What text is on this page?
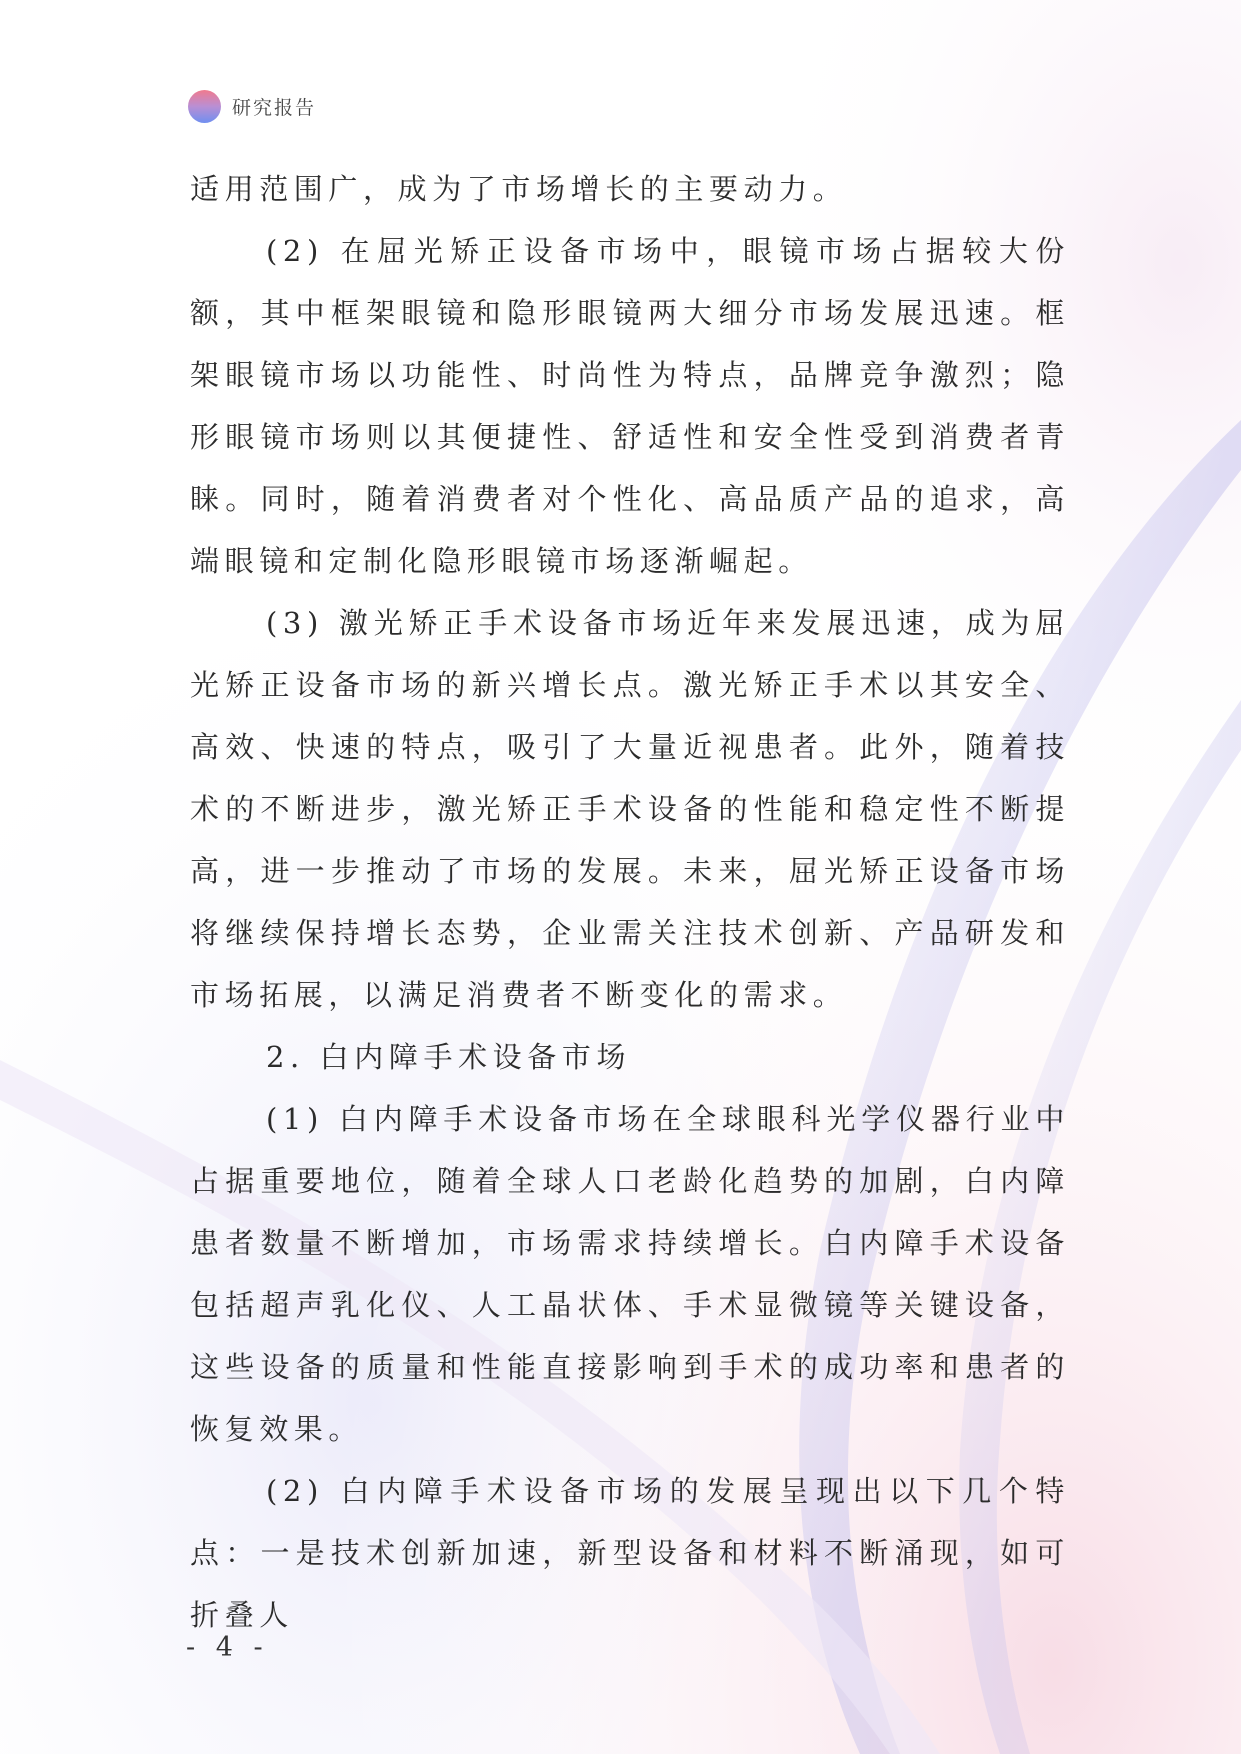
研究报告

适用范围广，成为了市场增长的主要动力。

(2) 在屈光矫正设备市场中，眼镜市场占据较大份额，其中框架眼镜和隐形眼镜两大细分市场发展迅速。框架眼镜市场以功能性、时尚性为特点，品牌竞争激烈；隐形眼镜市场则以其便捷性、舒适性和安全性受到消费者青睐。同时，随着消费者对个性化、高品质产品的追求，高端眼镜和定制化隐形眼镜市场逐渐崛起。

(3) 激光矫正手术设备市场近年来发展迅速，成为屈光矫正设备市场的新兴增长点。激光矫正手术以其安全、高效、快速的特点，吸引了大量近视患者。此外，随着技术的不断进步，激光矫正手术设备的性能和稳定性不断提高，进一步推动了市场的发展。未来，屈光矫正设备市场将继续保持增长态势，企业需关注技术创新、产品研发和市场拓展，以满足消费者不断变化的需求。

2. 白内障手术设备市场

(1) 白内障手术设备市场在全球眼科光学仪器行业中占据重要地位，随着全球人口老龄化趋势的加剧，白内障患者数量不断增加，市场需求持续增长。白内障手术设备包括超声乳化仪、人工晶状体、手术显微镜等关键设备，这些设备的质量和性能直接影响到手术的成功率和患者的恢复效果。

(2) 白内障手术设备市场的发展呈现出以下几个特点：一是技术创新加速，新型设备和材料不断涌现，如可折叠人

- 4 -
